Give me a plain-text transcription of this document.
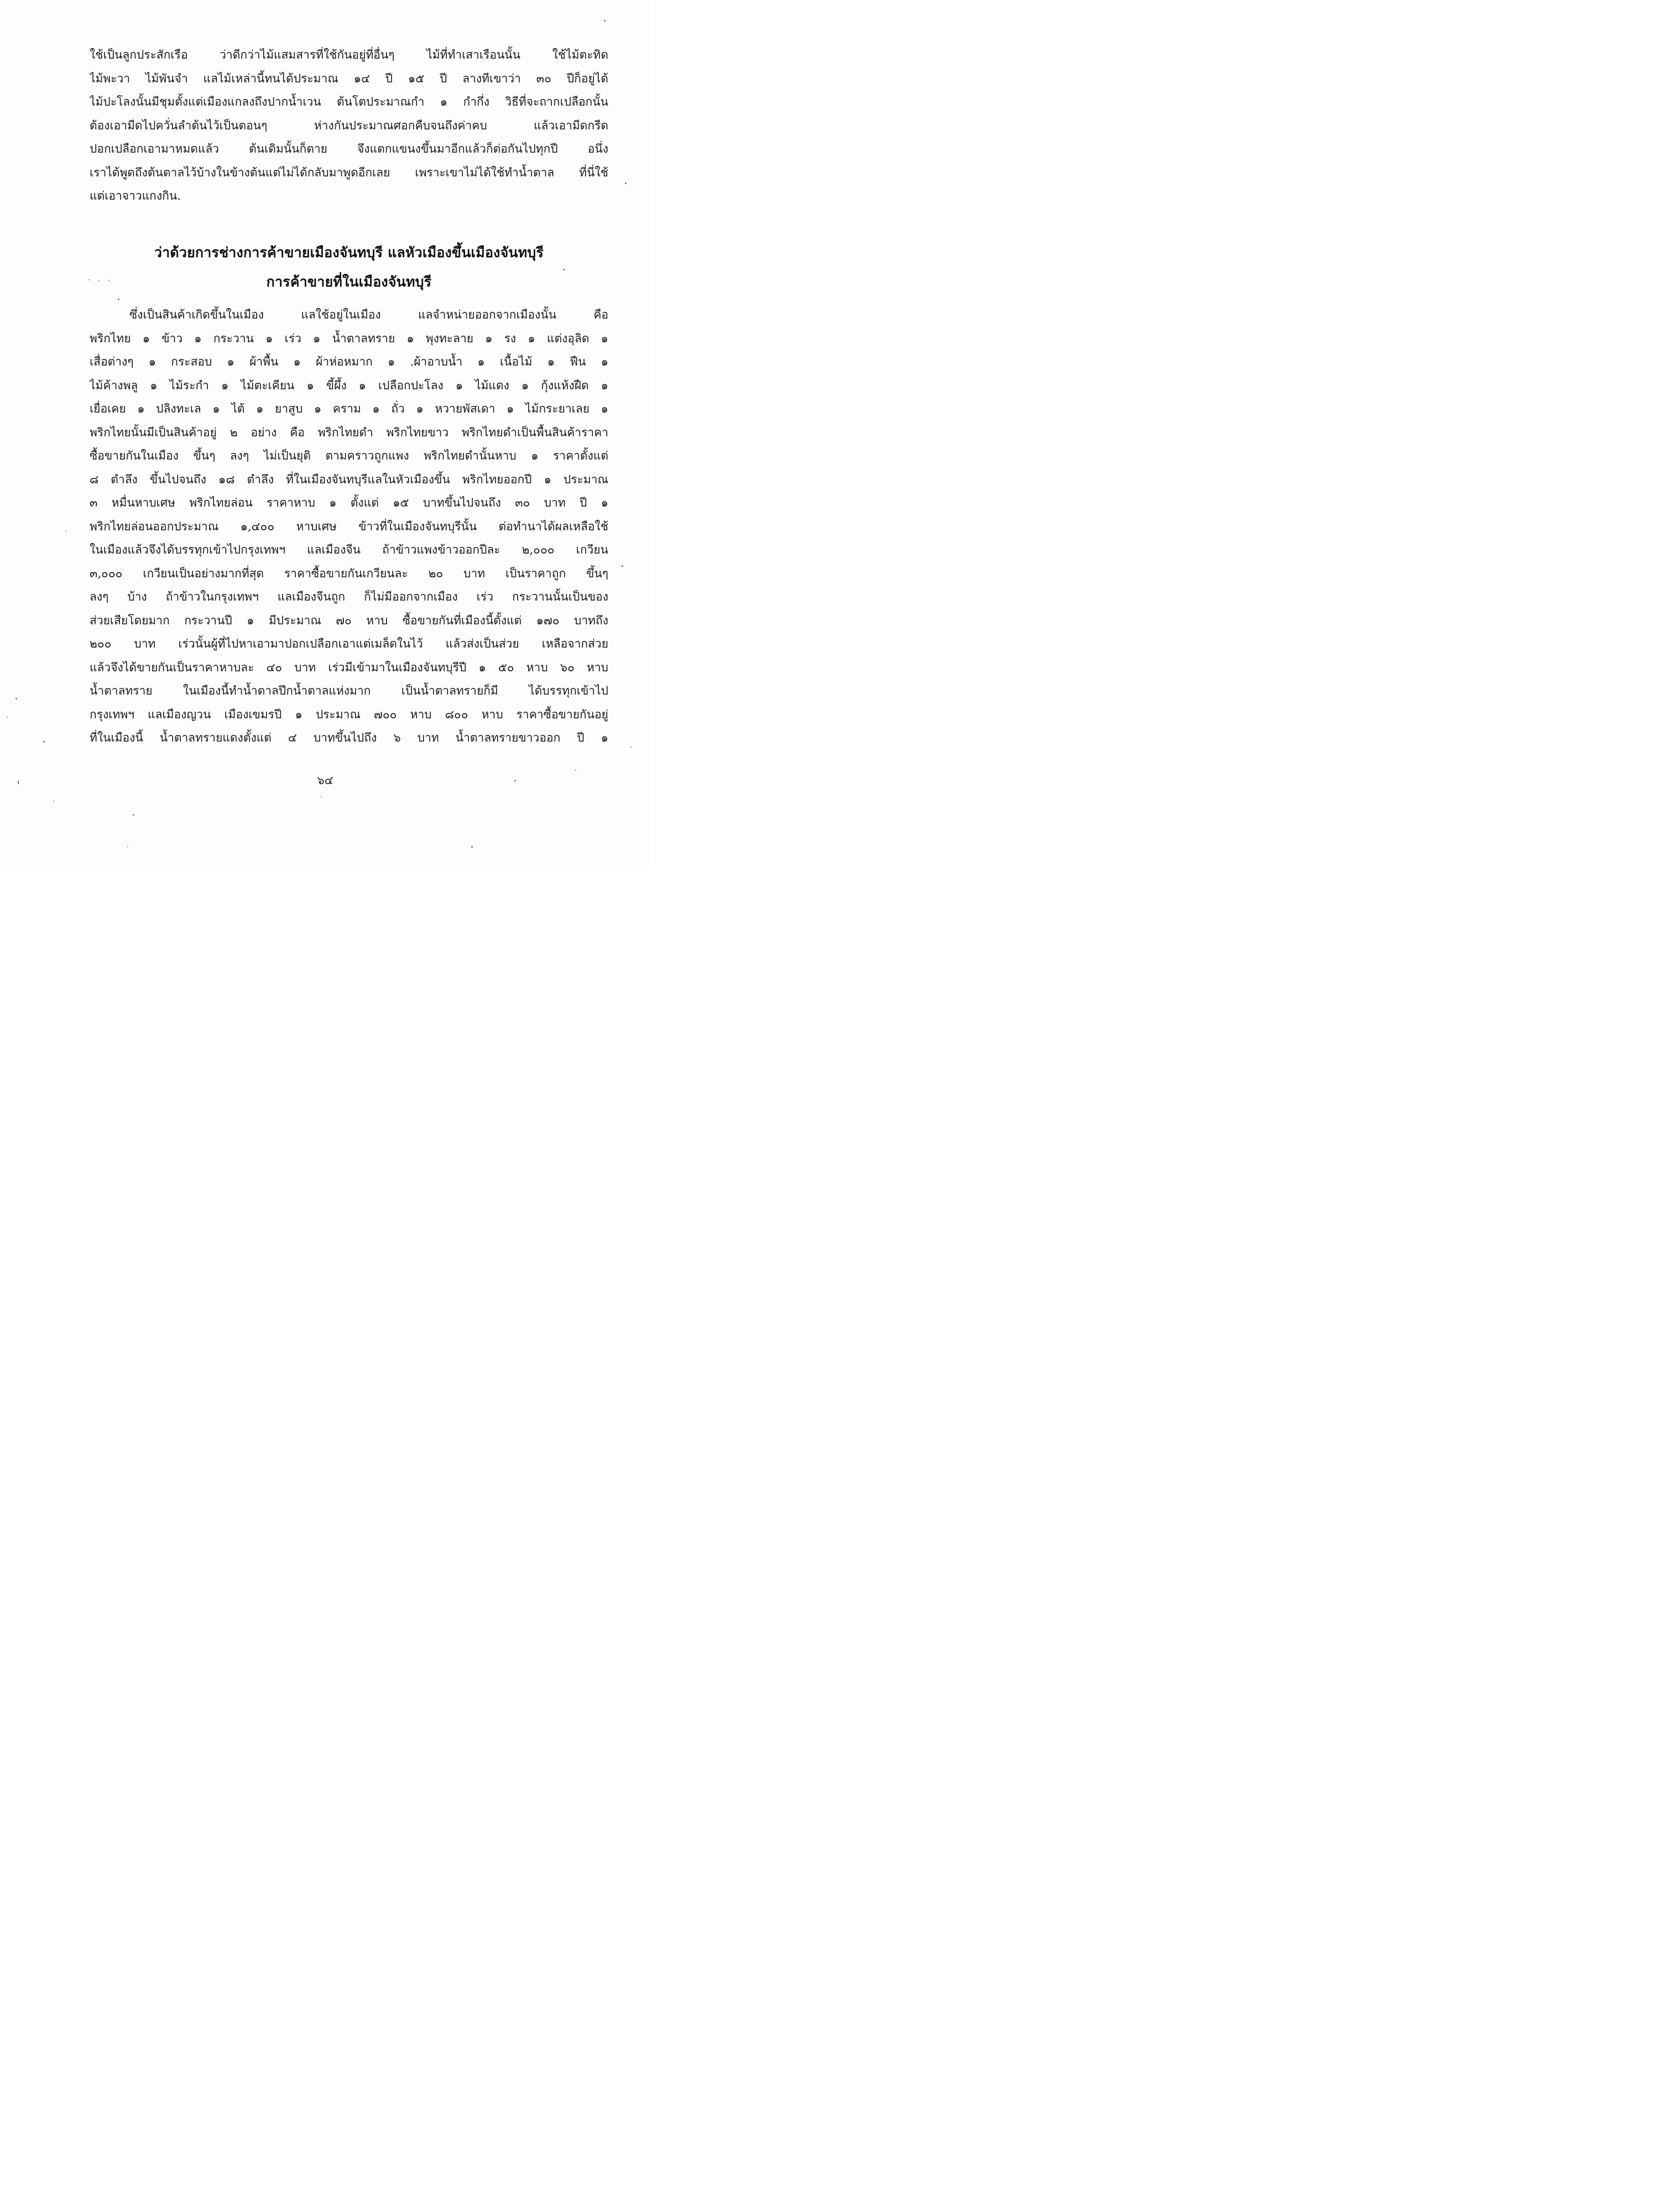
ใช้เป็นลูกประสักเรือ ว่าดีกว่าไม้แสมสารที่ใช้กันอยู่ที่อื่นๆ ไม้ที่ทำเสาเรือนนั้น ใช้ไม้ตะทิด
ไม้พะวา ไม้พันจำ แลไม้เหล่านี้ทนได้ประมาณ ๑๔ ปี ๑๕ ปี ลางทีเขาว่า ๓๐ ปีก็อยู่ได้
ไม้ปะโลงนั้นมีชุมตั้งแต่เมืองแกลงถึงปากน้ำเวน ต้นโตประมาณกำ ๑ กำกึ่ง วิธีที่จะถากเปลือกนั้น
ต้องเอามีดไปควั่นลำต้นไว้เป็นตอนๆ ห่างกันประมาณศอกคืบจนถึงค่าคบ แล้วเอามีดกรีด
ปอกเปลือกเอามาหมดแล้ว ต้นเดิมนั้นก็ตาย จึงแตกแขนงขึ้นมาอีกแล้วก็ต่อกันไปทุกปี อนึ่ง
เราได้พูดถึงต้นตาลไว้บ้างในข้างต้นแต่ไม่ได้กลับมาพูดอีกเลย เพราะเขาไม่ได้ใช้ทำน้ำตาล ที่นี่ใช้
แต่เอาจาวแกงกิน.
ว่าด้วยการช่างการค้าขายเมืองจันทบุรี แลหัวเมืองขึ้นเมืองจันทบุรี
การค้าขายที่ในเมืองจันทบุรี
ซึ่งเป็นสินค้าเกิดขึ้นในเมือง แลใช้อยู่ในเมือง แลจำหน่ายออกจากเมืองนั้น คือ
พริกไทย ๑ ข้าว ๑ กระวาน ๑ เร่ว ๑ น้ำตาลทราย ๑ พุงทะลาย ๑ รง ๑ แต่งอุลิด ๑
เสื่อต่างๆ ๑ กระสอบ ๑ ผ้าพื้น ๑ ผ้าห่อหมาก ๑ .ผ้าอาบน้ำ ๑ เนื้อไม้ ๑ ฟืน ๑
ไม้ค้างพลู ๑ ไม้ระกำ ๑ ไม้ตะเคียน ๑ ขี้ผึ้ง ๑ เปลือกปะโลง ๑ ไม้แดง ๑ กุ้งแห้งฝืด ๑
เยื่อเคย ๑ ปลิงทะเล ๑ ไต้ ๑ ยาสูบ ๑ คราม ๑ ถั่ว ๑ หวายพัสเดา ๑ ไม้กระยาเลย ๑
พริกไทยนั้นมีเป็นสินค้าอยู่ ๒ อย่าง คือ พริกไทยดำ พริกไทยขาว พริกไทยดำเป็นพื้นสินค้าราคา
ซื้อขายกันในเมือง ขึ้นๆ ลงๆ ไม่เป็นยุติ ตามคราวถูกแพง พริกไทยดำนั้นหาบ ๑ ราคาตั้งแต่
๘ ตำลึง ขึ้นไปจนถึง ๑๘ ตำลึง ที่ในเมืองจันทบุรีแลในหัวเมืองขึ้น พริกไทยออกปี ๑ ประมาณ
๓ หมื่นหาบเศษ พริกไทยล่อน ราคาหาบ ๑ ตั้งแต่ ๑๕ บาทขึ้นไปจนถึง ๓๐ บาท ปี ๑
พริกไทยล่อนออกประมาณ ๑,๔๐๐ หาบเศษ ข้าวที่ในเมืองจันทบุรีนั้น ต่อทำนาได้ผลเหลือใช้
ในเมืองแล้วจึงได้บรรทุกเข้าไปกรุงเทพฯ แลเมืองจีน ถ้าข้าวแพงข้าวออกปีละ ๒,๐๐๐ เกวียน
๓,๐๐๐ เกวียนเป็นอย่างมากที่สุด ราคาซื้อขายกันเกวียนละ ๒๐ บาท เป็นราคาถูก ขึ้นๆ
ลงๆ บ้าง ถ้าข้าวในกรุงเทพฯ แลเมืองจีนถูก ก็ไม่มีออกจากเมือง เร่ว กระวานนั้นเป็นของ
ส่วยเสียโดยมาก กระวานปี ๑ มีประมาณ ๗๐ หาบ ซื้อขายกันที่เมืองนี้ตั้งแต่ ๑๗๐ บาทถึง
๒๐๐ บาท เร่วนั้นผู้ที่ไปหาเอามาปอกเปลือกเอาแต่เมล็ดในไว้ แล้วส่งเป็นส่วย เหลือจากส่วย
แล้วจึงได้ขายกันเป็นราคาหาบละ ๔๐ บาท เร่วมีเข้ามาในเมืองจันทบุรีปี ๑ ๕๐ หาบ ๖๐ หาบ
น้ำตาลทราย ในเมืองนี้ทำน้ำตาลปึกน้ำตาลแห่งมาก เป็นน้ำตาลทรายก็มี ได้บรรทุกเข้าไป
กรุงเทพฯ แลเมืองญวน เมืองเขมรปี ๑ ประมาณ ๗๐๐ หาบ ๘๐๐ หาบ ราคาซื้อขายกันอยู่
ที่ในเมืองนี้ น้ำตาลทรายแดงตั้งแต่ ๔ บาทขึ้นไปถึง ๖ บาท น้ำตาลทรายขาวออก ปี ๑
๖๔
